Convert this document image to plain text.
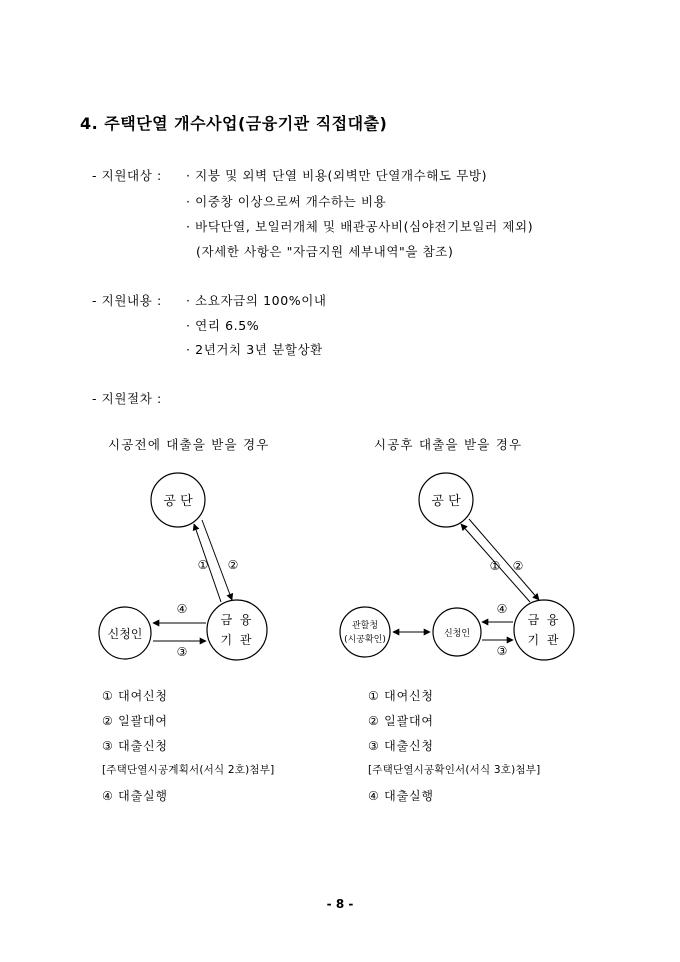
4. 주택단열 개수사업(금융기관 직접대출)
- 지원대상 : · 지붕 및 외벽 단열 비용(외벽만 단열개수해도 무방)
· 이중창 이상으로써 개수하는 비용
· 바닥단열, 보일러개체 및 배관공사비(심야전기보일러 제외)
(자세한 사항은 "자금지원 세부내역"을 참조)
- 지원내용 : · 소요자금의 100%이내
· 연리 6.5%
· 2년거치 3년 분할상환
- 지원절차 :
시공전에 대출을 받을 경우	시공후 대출을 받을 경우
공 단
신청인
금 융
기 관
① ②
④
③
공 단
관할청
(시공확인)
신청인
금 융
기 관
① ②
④
③
① 대여신청
② 일괄대여
③ 대출신청
[주택단열시공계획서(서식 2호)첨부]
④ 대출실행
① 대여신청
② 일괄대여
③ 대출신청
[주택단열시공확인서(서식 3호)첨부]
④ 대출실행
- 8 -
